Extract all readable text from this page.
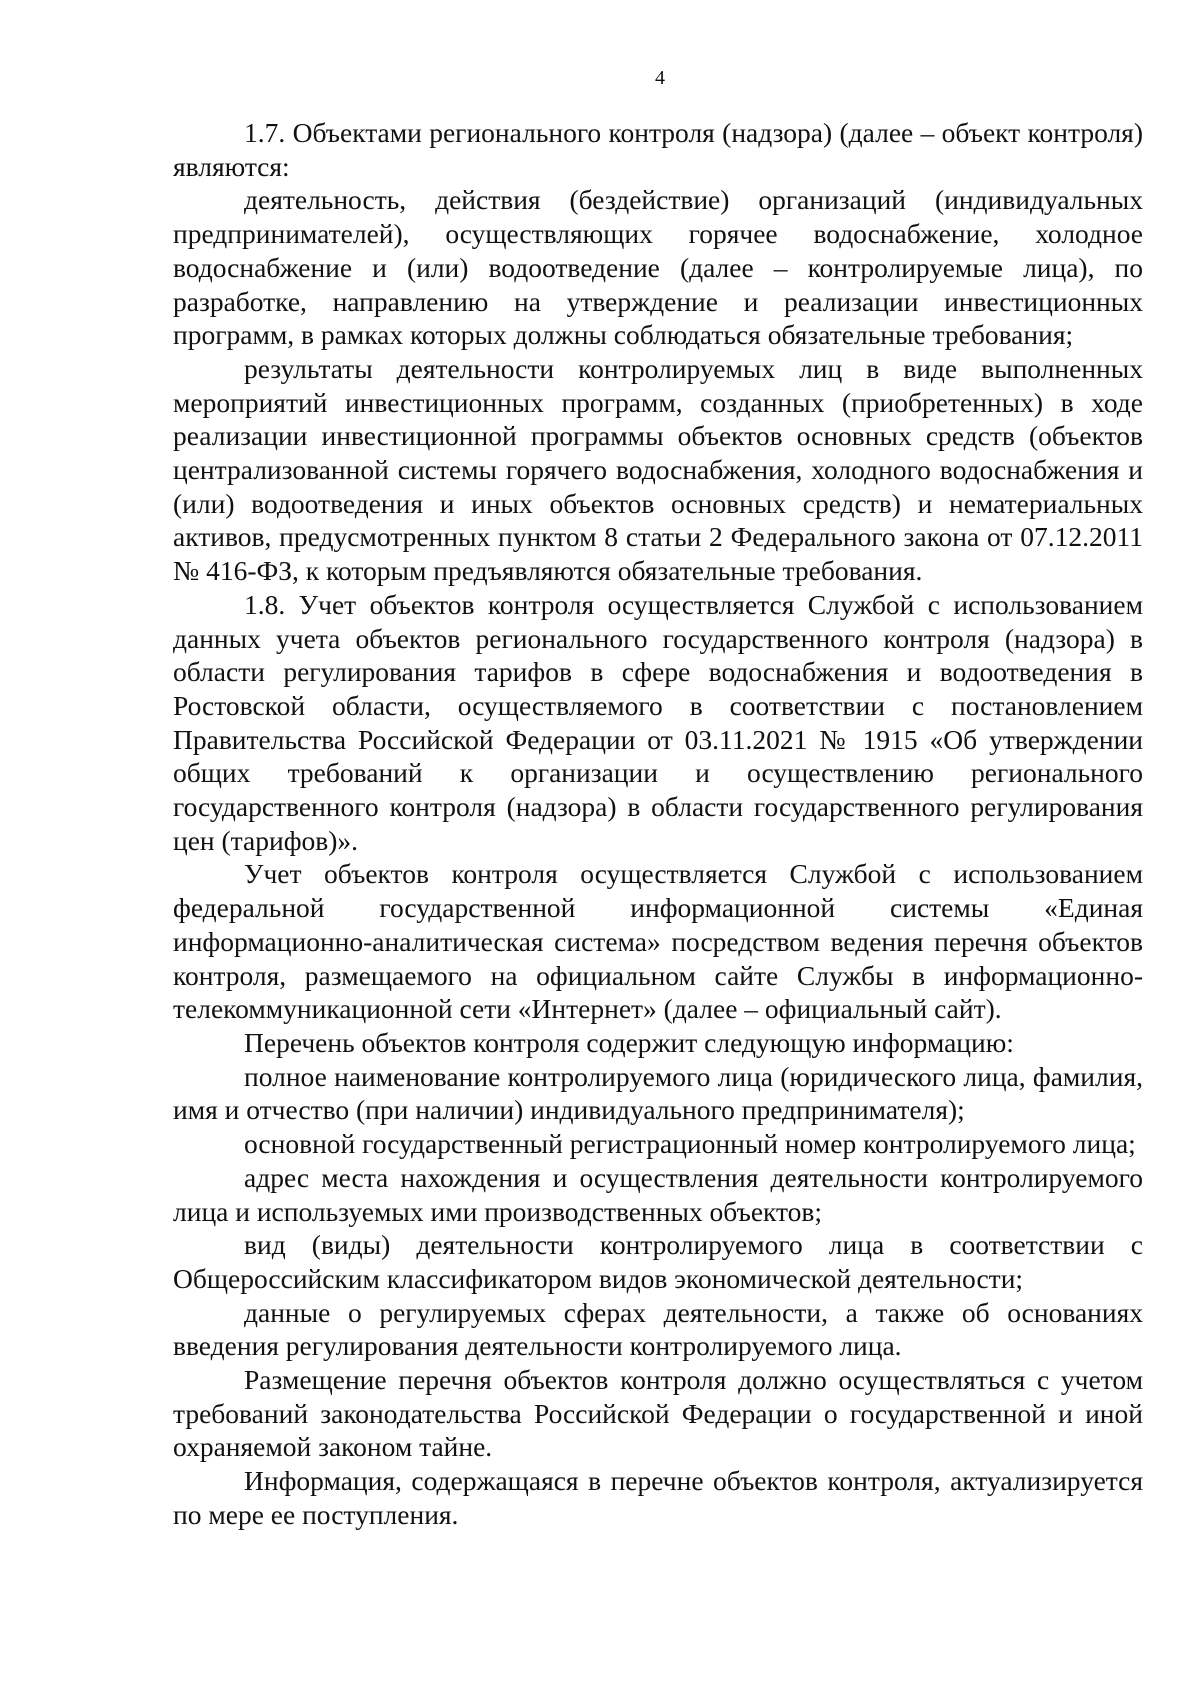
4

1.7. Объектами регионального контроля (надзора) (далее – объект контроля) являются:

деятельность, действия (бездействие) организаций (индивидуальных предпринимателей), осуществляющих горячее водоснабжение, холодное водоснабжение и (или) водоотведение (далее – контролируемые лица), по разработке, направлению на утверждение и реализации инвестиционных программ, в рамках которых должны соблюдаться обязательные требования;

результаты деятельности контролируемых лиц в виде выполненных мероприятий инвестиционных программ, созданных (приобретенных) в ходе реализации инвестиционной программы объектов основных средств (объектов централизованной системы горячего водоснабжения, холодного водоснабжения и (или) водоотведения и иных объектов основных средств) и нематериальных активов, предусмотренных пунктом 8 статьи 2 Федерального закона от 07.12.2011 № 416-ФЗ, к которым предъявляются обязательные требования.

1.8. Учет объектов контроля осуществляется Службой с использованием данных учета объектов регионального государственного контроля (надзора) в области регулирования тарифов в сфере водоснабжения и водоотведения в Ростовской области, осуществляемого в соответствии с постановлением Правительства Российской Федерации от 03.11.2021 № 1915 «Об утверждении общих требований к организации и осуществлению регионального государственного контроля (надзора) в области государственного регулирования цен (тарифов)».

Учет объектов контроля осуществляется Службой с использованием федеральной государственной информационной системы «Единая информационно-аналитическая система» посредством ведения перечня объектов контроля, размещаемого на официальном сайте Службы в информационно-телекоммуникационной сети «Интернет» (далее – официальный сайт).

Перечень объектов контроля содержит следующую информацию:

полное наименование контролируемого лица (юридического лица, фамилия, имя и отчество (при наличии) индивидуального предпринимателя);

основной государственный регистрационный номер контролируемого лица;

адрес места нахождения и осуществления деятельности контролируемого лица и используемых ими производственных объектов;

вид (виды) деятельности контролируемого лица в соответствии с Общероссийским классификатором видов экономической деятельности;

данные о регулируемых сферах деятельности, а также об основаниях введения регулирования деятельности контролируемого лица.

Размещение перечня объектов контроля должно осуществляться с учетом требований законодательства Российской Федерации о государственной и иной охраняемой законом тайне.

Информация, содержащаяся в перечне объектов контроля, актуализируется по мере ее поступления.
